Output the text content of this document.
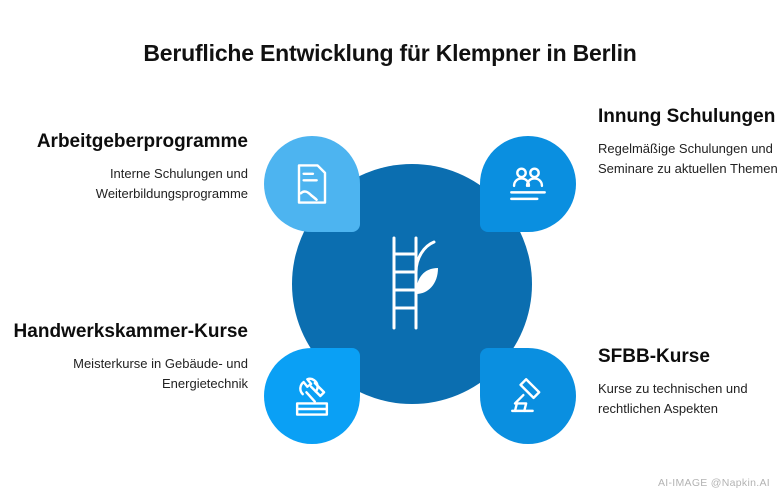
Berufliche Entwicklung für Klempner in Berlin
Arbeitgeberprogramme
Interne Schulungen und Weiterbildungsprogramme
Handwerkskammer-Kurse
Meisterkurse in Gebäude- und Energietechnik
Innung Schulungen
Regelmäßige Schulungen und Seminare zu aktuellen Themen
SFBB-Kurse
Kurse zu technischen und rechtlichen Aspekten
AI-IMAGE @Napkin.AI
